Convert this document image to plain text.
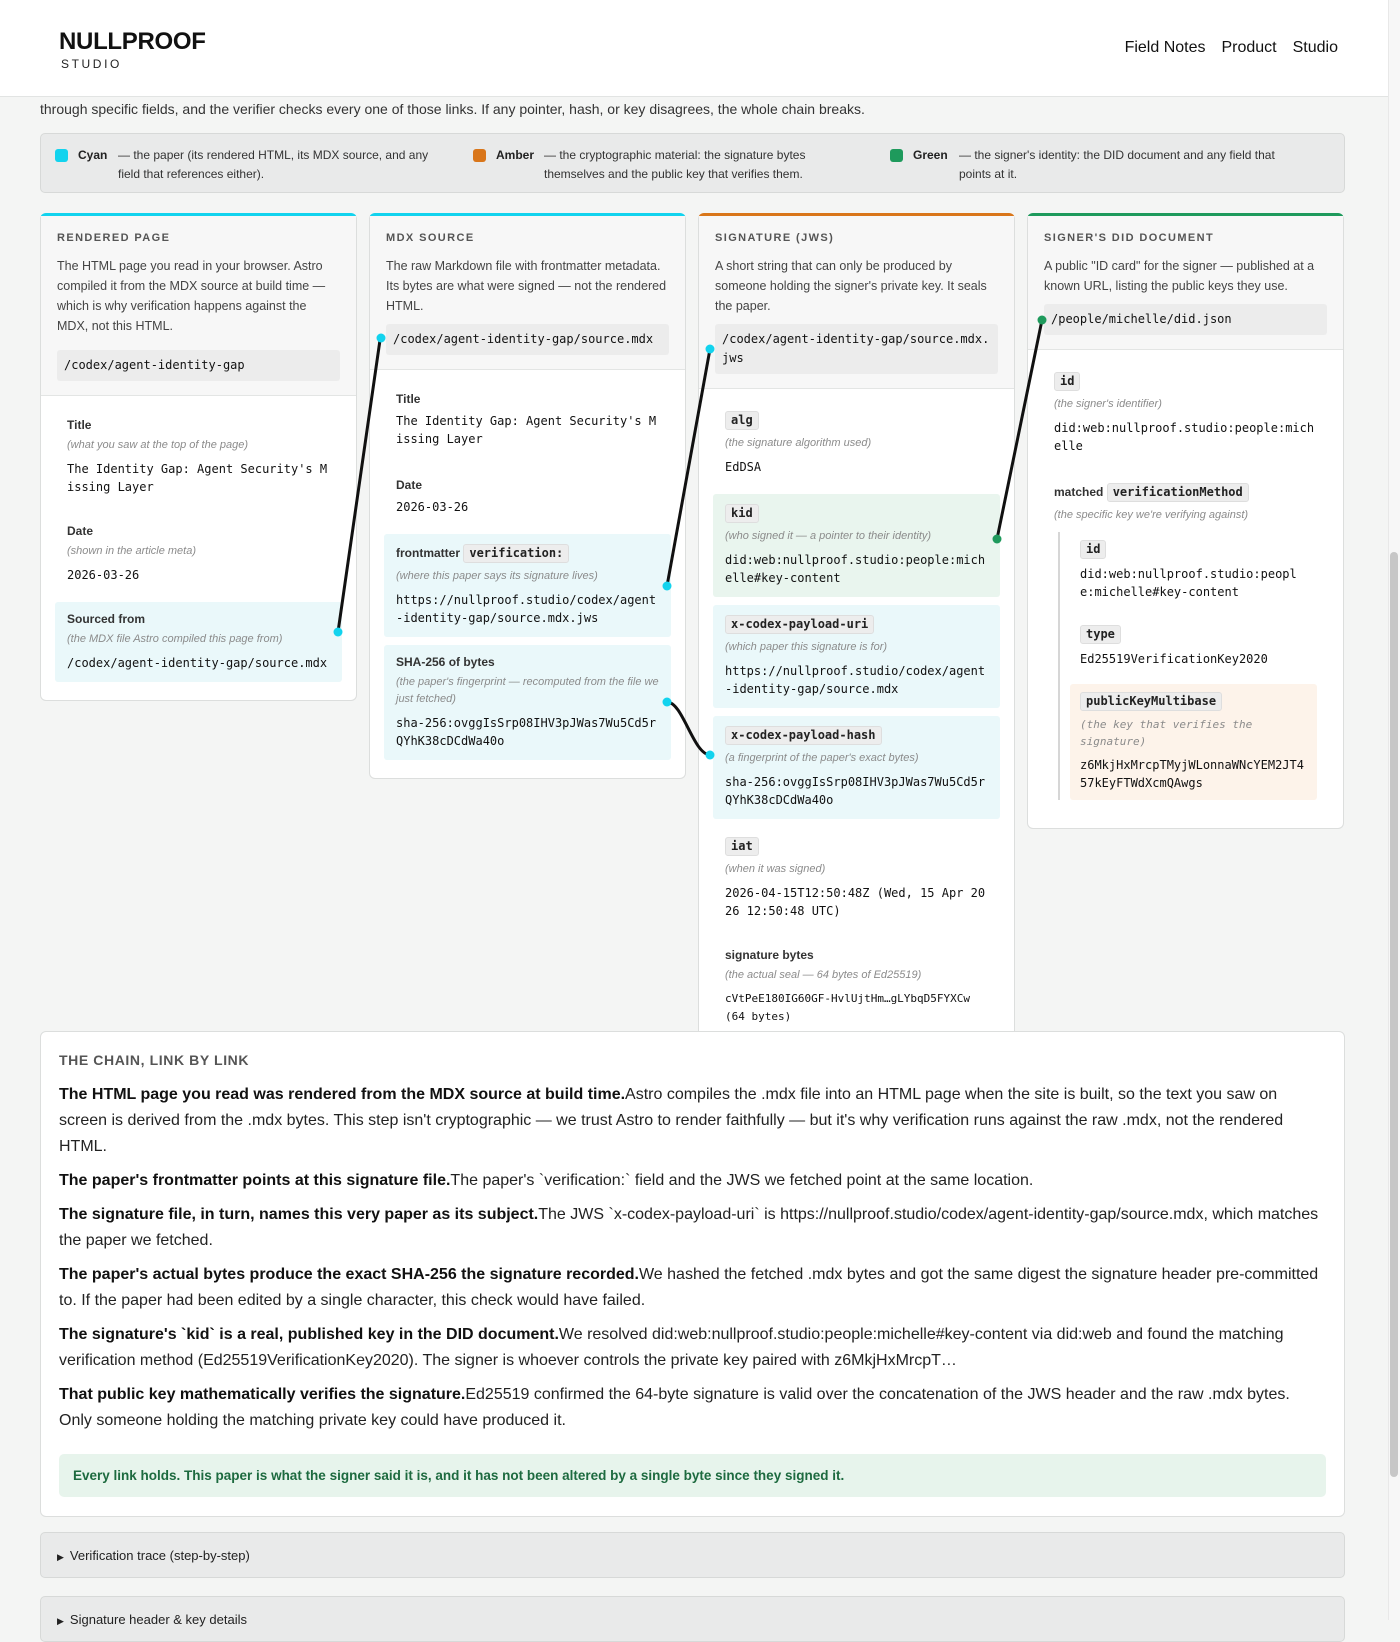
NULLPROOF
STUDIO
Field Notes Product Studio

through specific fields, and the verifier checks every one of those links. If any pointer, hash, or key disagrees, the whole chain breaks.

Cyan — the paper (its rendered HTML, its MDX source, and any
field that references either).
Amber — the cryptographic material: the signature bytes
themselves and the public key that verifies them.
Green — the signer's identity: the DID document and any field that
points at it.
RENDERED PAGE
The HTML page you read in your browser. Astro compiled it from the MDX source at build time — which is why verification happens against the MDX, not this HTML.
/codex/agent-identity-gap
Title
(what you saw at the top of the page)
The Identity Gap: Agent Security's Missing Layer
Date
(shown in the article meta)
2026-03-26
Sourced from
(the MDX file Astro compiled this page from)
/codex/agent-identity-gap/source.mdx
MDX SOURCE
The raw Markdown file with frontmatter metadata. Its bytes are what were signed — not the rendered HTML.
/codex/agent-identity-gap/source.mdx
Title
The Identity Gap: Agent Security's Missing Layer
Date
2026-03-26
frontmatter verification:
(where this paper says its signature lives)
https://nullproof.studio/codex/agent-identity-gap/source.mdx.jws
SHA-256 of bytes
(the paper's fingerprint — recomputed from the file we just fetched)
sha-256:ovggIsSrp08IHV3pJWas7Wu5Cd5rQYhK38cDCdWa40o
SIGNATURE (JWS)
A short string that can only be produced by someone holding the signer's private key. It seals the paper.
/codex/agent-identity-gap/source.mdx.jws
alg
(the signature algorithm used)
EdDSA
kid
(who signed it — a pointer to their identity)
did:web:nullproof.studio:people:michelle#key-content
x-codex-payload-uri
(which paper this signature is for)
https://nullproof.studio/codex/agent-identity-gap/source.mdx
x-codex-payload-hash
(a fingerprint of the paper's exact bytes)
sha-256:ovggIsSrp08IHV3pJWas7Wu5Cd5rQYhK38cDCdWa40o
iat
(when it was signed)
2026-04-15T12:50:48Z (Wed, 15 Apr 2026 12:50:48 UTC)
signature bytes
(the actual seal — 64 bytes of Ed25519)
cVtPeE180IG60GF-HvlUjtHm…gLYbqD5FYXCw (64 bytes)
SIGNER'S DID DOCUMENT
A public "ID card" for the signer — published at a known URL, listing the public keys they use.
/people/michelle/did.json
id
(the signer's identifier)
did:web:nullproof.studio:people:michelle
matched verificationMethod
(the specific key we're verifying against)
id
did:web:nullproof.studio:people:michelle#key-content
type
Ed25519VerificationKey2020
publicKeyMultibase
(the key that verifies the signature)
z6MkjHxMrcpTMyjWLonnaWNcYEM2JT457kEyFTWdXcmQAwgs
THE CHAIN, LINK BY LINK

The HTML page you read was rendered from the MDX source at build time.Astro compiles the .mdx file into an HTML page when the site is built, so the text you saw on screen is derived from the .mdx bytes. This step isn't cryptographic — we trust Astro to render faithfully — but it's why verification runs against the raw .mdx, not the rendered HTML.

The paper's frontmatter points at this signature file.The paper's `verification:` field and the JWS we fetched point at the same location.

The signature file, in turn, names this very paper as its subject.The JWS `x-codex-payload-uri` is https://nullproof.studio/codex/agent-identity-gap/source.mdx, which matches the paper we fetched.

The paper's actual bytes produce the exact SHA-256 the signature recorded.We hashed the fetched .mdx bytes and got the same digest the signature header pre-committed to. If the paper had been edited by a single character, this check would have failed.

The signature's `kid` is a real, published key in the DID document.We resolved did:web:nullproof.studio:people:michelle#key-content via did:web and found the matching verification method (Ed25519VerificationKey2020). The signer is whoever controls the private key paired with z6MkjHxMrcpT…

That public key mathematically verifies the signature.Ed25519 confirmed the 64-byte signature is valid over the concatenation of the JWS header and the raw .mdx bytes. Only someone holding the matching private key could have produced it.

Every link holds. This paper is what the signer said it is, and it has not been altered by a single byte since they signed it.
▶ Verification trace (step-by-step)
▶ Signature header & key details
